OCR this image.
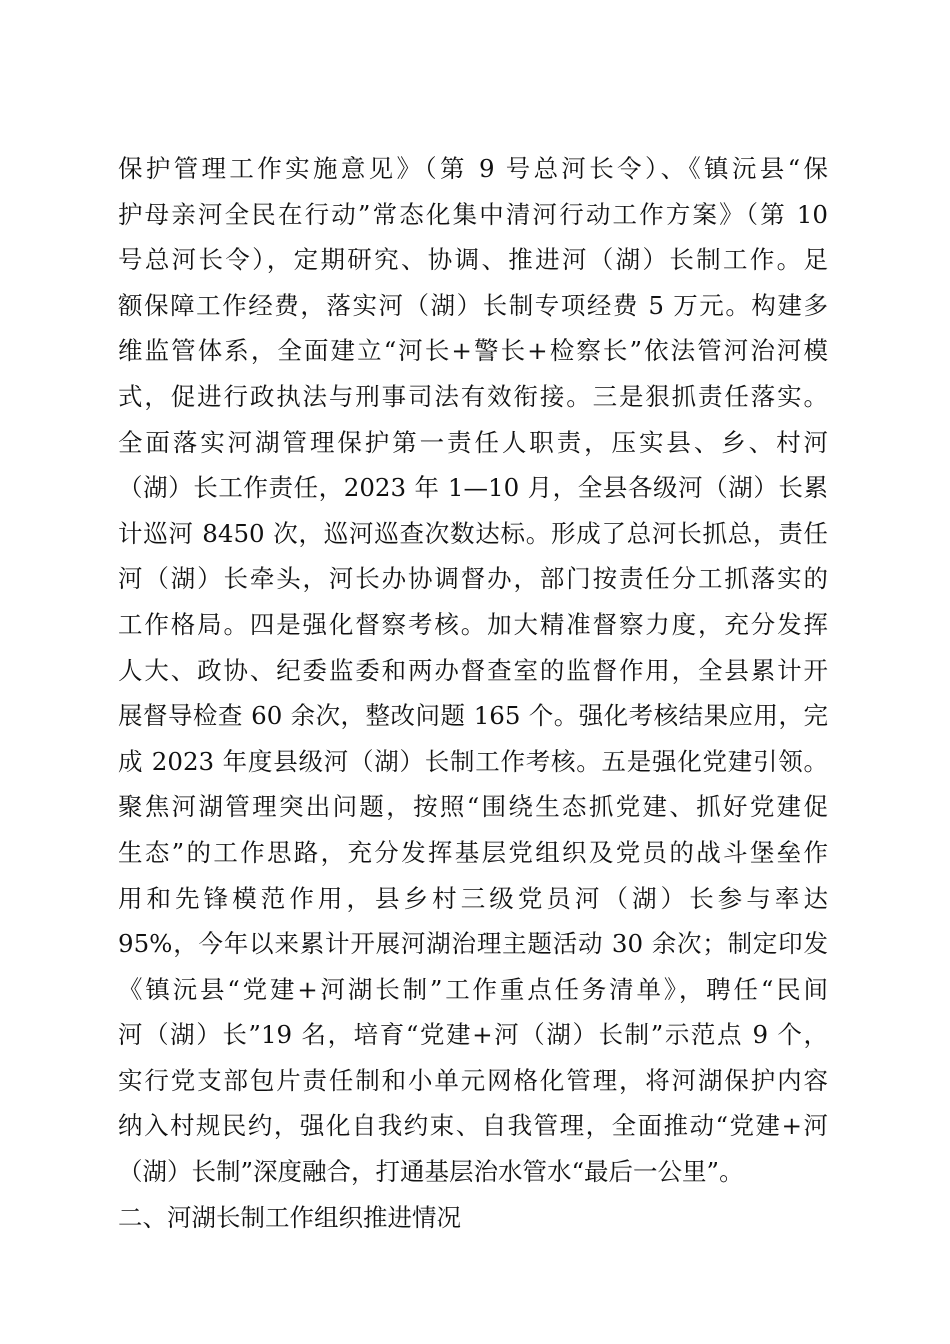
保护管理工作实施意见》（第 9 号总河长令）、《镇沅县“保
护母亲河全民在行动”常态化集中清河行动工作方案》（第 10
号总河长令），定期研究、协调、推进河（湖）长制工作。足
额保障工作经费，落实河（湖）长制专项经费 5 万元。构建多
维监管体系，全面建立“河长+警长+检察长”依法管河治河模
式，促进行政执法与刑事司法有效衔接。三是狠抓责任落实。
全面落实河湖管理保护第一责任人职责，压实县、乡、村河
（湖）长工作责任，2023 年 1—10 月，全县各级河（湖）长累
计巡河 8450 次，巡河巡查次数达标。形成了总河长抓总，责任
河（湖）长牵头，河长办协调督办，部门按责任分工抓落实的
工作格局。四是强化督察考核。加大精准督察力度，充分发挥
人大、政协、纪委监委和两办督查室的监督作用，全县累计开
展督导检查 60 余次，整改问题 165 个。强化考核结果应用，完
成 2023 年度县级河（湖）长制工作考核。五是强化党建引领。
聚焦河湖管理突出问题，按照“围绕生态抓党建、抓好党建促
生态”的工作思路，充分发挥基层党组织及党员的战斗堡垒作
用和先锋模范作用，县乡村三级党员河（湖）长参与率达
95%，今年以来累计开展河湖治理主题活动 30 余次；制定印发
《镇沅县“党建+河湖长制”工作重点任务清单》，聘任“民间
河（湖）长”19 名，培育“党建+河（湖）长制”示范点 9 个，
实行党支部包片责任制和小单元网格化管理，将河湖保护内容
纳入村规民约，强化自我约束、自我管理，全面推动“党建+河
（湖）长制”深度融合，打通基层治水管水“最后一公里”。
二、河湖长制工作组织推进情况
